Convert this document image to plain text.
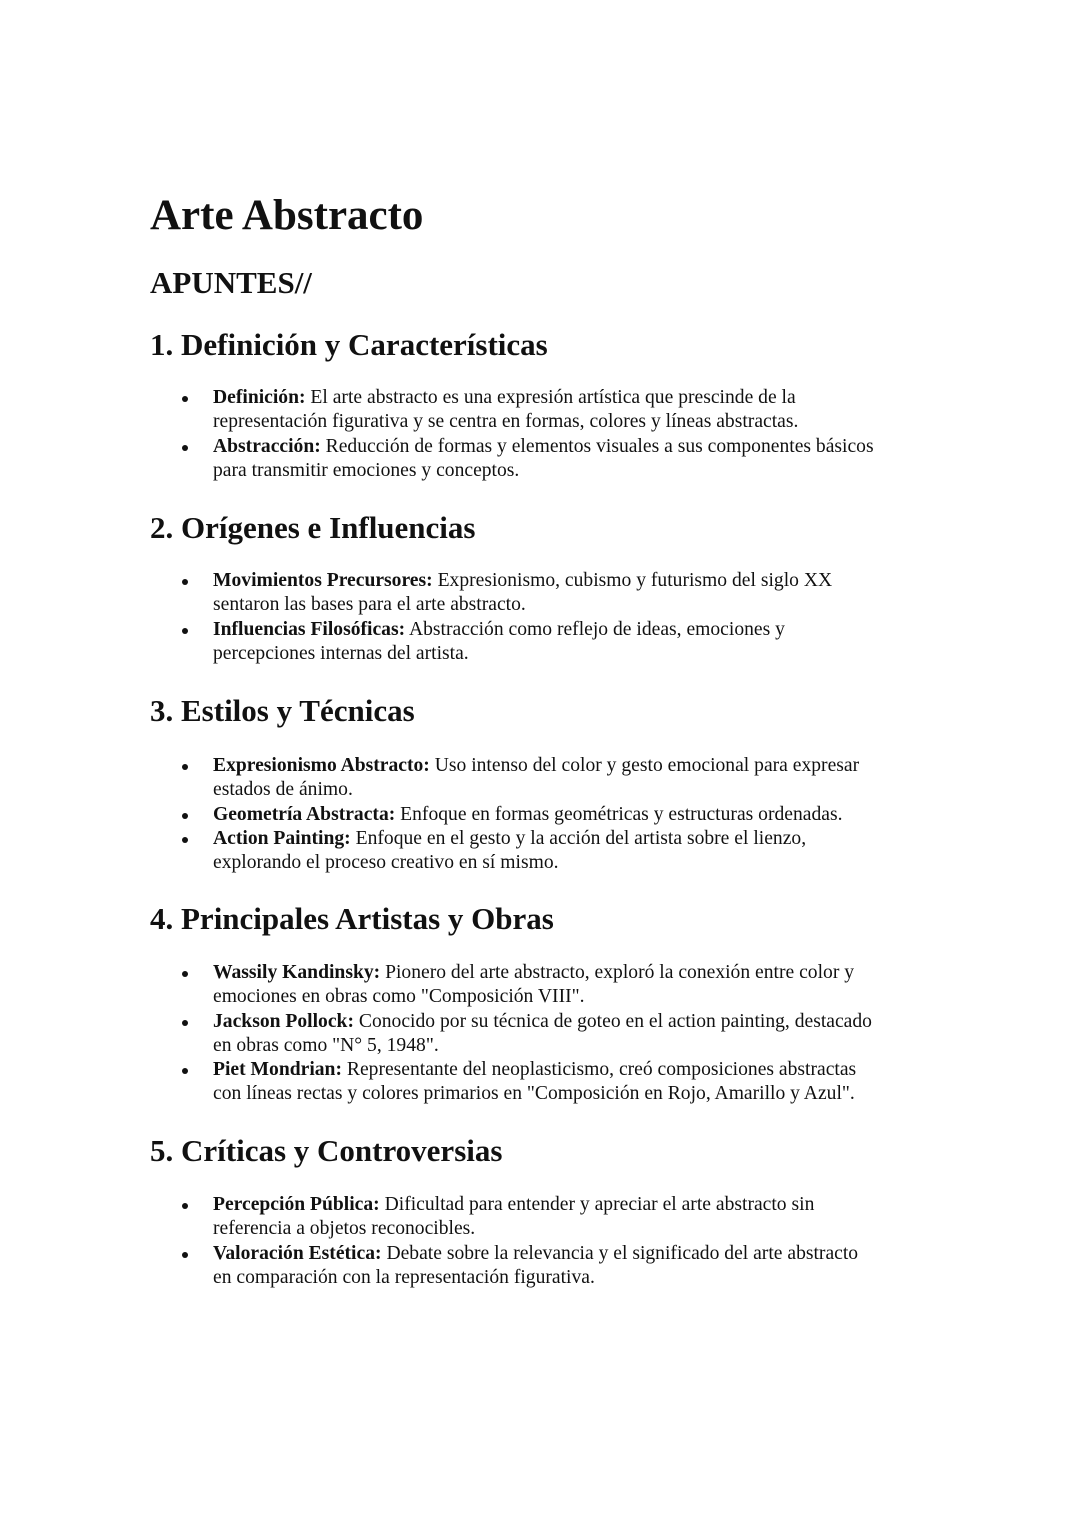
Arte Abstracto
APUNTES//
1. Definición y Características
Definición: El arte abstracto es una expresión artística que prescinde de la
representación figurativa y se centra en formas, colores y líneas abstractas.
Abstracción: Reducción de formas y elementos visuales a sus componentes básicos
para transmitir emociones y conceptos.
2. Orígenes e Influencias
Movimientos Precursores: Expresionismo, cubismo y futurismo del siglo XX
sentaron las bases para el arte abstracto.
Influencias Filosóficas: Abstracción como reflejo de ideas, emociones y
percepciones internas del artista.
3. Estilos y Técnicas
Expresionismo Abstracto: Uso intenso del color y gesto emocional para expresar
estados de ánimo.
Geometría Abstracta: Enfoque en formas geométricas y estructuras ordenadas.
Action Painting: Enfoque en el gesto y la acción del artista sobre el lienzo,
explorando el proceso creativo en sí mismo.
4. Principales Artistas y Obras
Wassily Kandinsky: Pionero del arte abstracto, exploró la conexión entre color y
emociones en obras como "Composición VIII".
Jackson Pollock: Conocido por su técnica de goteo en el action painting, destacado
en obras como "N° 5, 1948".
Piet Mondrian: Representante del neoplasticismo, creó composiciones abstractas
con líneas rectas y colores primarios en "Composición en Rojo, Amarillo y Azul".
5. Críticas y Controversias
Percepción Pública: Dificultad para entender y apreciar el arte abstracto sin
referencia a objetos reconocibles.
Valoración Estética: Debate sobre la relevancia y el significado del arte abstracto
en comparación con la representación figurativa.
